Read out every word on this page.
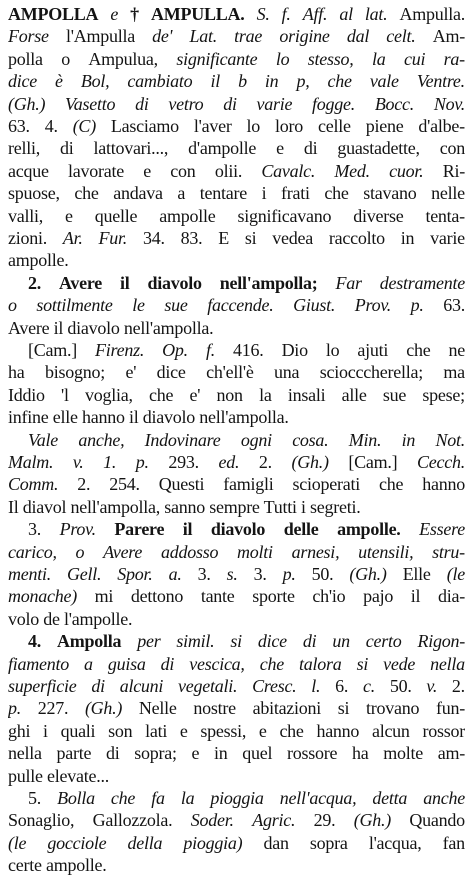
AMPOLLA e † AMPULLA. S. f. Aff. al lat. Ampulla.
Forse l'Ampulla de' Lat. trae origine dal celt. Am-
polla o Ampulua, significante lo stesso, la cui ra-
dice è Bol, cambiato il b in p, che vale Ventre.
(Gh.) Vasetto di vetro di varie fogge. Bocc. Nov.
63. 4. (C) Lasciamo l'aver lo loro celle piene d'albe-
relli, di lattovari..., d'ampolle e di guastadette, con
acque lavorate e con olii. Cavalc. Med. cuor. Ri-
spuose, che andava a tentare i frati che stavano nelle
valli, e quelle ampolle significavano diverse tenta-
zioni. Ar. Fur. 34. 83. E si vedea raccolto in varie
ampolle.
2. Avere il diavolo nell'ampolla; Far destramente
o sottilmente le sue faccende. Giust. Prov. p. 63.
Avere il diavolo nell'ampolla.
[Cam.] Firenz. Op. f. 416. Dio lo ajuti che ne
ha bisogno; e' dice ch'ell'è una sciocccherella; ma
Iddio 'l voglia, che e' non la insali alle sue spese;
infine elle hanno il diavolo nell'ampolla.
Vale anche, Indovinare ogni cosa. Min. in Not.
Malm. v. 1. p. 293. ed. 2. (Gh.) [Cam.] Cecch.
Comm. 2. 254. Questi famigli scioperati che hanno
Il diavol nell'ampolla, sanno sempre Tutti i segreti.
3. Prov. Parere il diavolo delle ampolle. Essere
carico, o Avere addosso molti arnesi, utensili, stru-
menti. Gell. Spor. a. 3. s. 3. p. 50. (Gh.) Elle (le
monache) mi dettono tante sporte ch'io pajo il dia-
volo de l'ampolle.
4. Ampolla per simil. si dice di un certo Rigon-
fiamento a guisa di vescica, che talora si vede nella
superficie di alcuni vegetali. Cresc. l. 6. c. 50. v. 2.
p. 227. (Gh.) Nelle nostre abitazioni si trovano fun-
ghi i quali son lati e spessi, e che hanno alcun rossor
nella parte di sopra; e in quel rossore ha molte am-
pulle elevate...
5. Bolla che fa la pioggia nell'acqua, detta anche
Sonaglio, Gallozzola. Soder. Agric. 29. (Gh.) Quando
(le gocciole della pioggia) dan sopra l'acqua, fan
certe ampolle.
